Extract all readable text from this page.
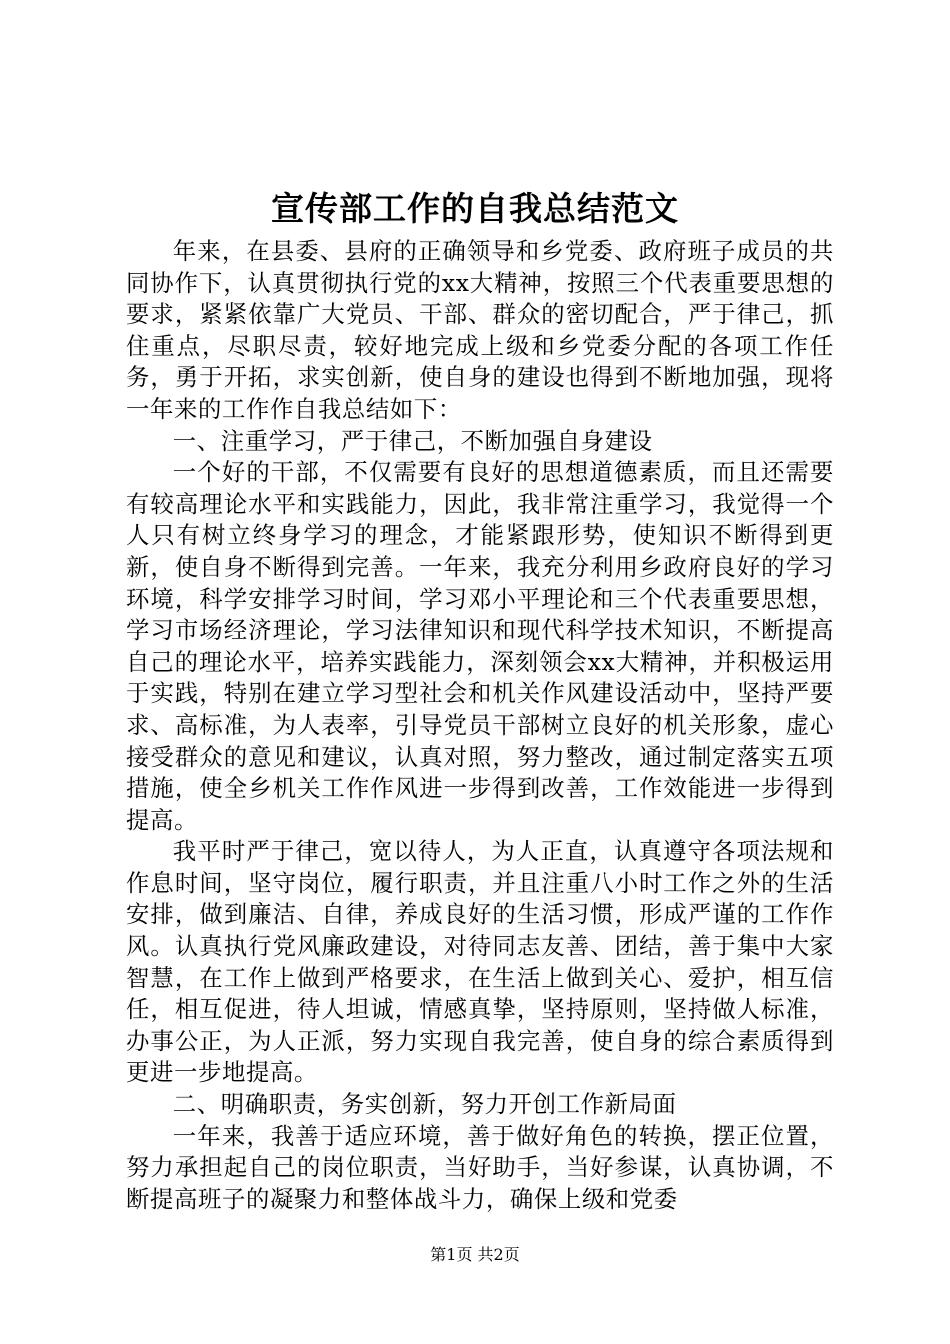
宣传部工作的自我总结范文

年来，在县委、县府的正确领导和乡党委、政府班子成员的共同协作下，认真贯彻执行党的xx大精神，按照三个代表重要思想的要求，紧紧依靠广大党员、干部、群众的密切配合，严于律己，抓住重点，尽职尽责，较好地完成上级和乡党委分配的各项工作任务，勇于开拓，求实创新，使自身的建设也得到不断地加强，现将一年来的工作作自我总结如下：

一、注重学习，严于律己，不断加强自身建设

一个好的干部，不仅需要有良好的思想道德素质，而且还需要有较高理论水平和实践能力，因此，我非常注重学习，我觉得一个人只有树立终身学习的理念，才能紧跟形势，使知识不断得到更新，使自身不断得到完善。一年来，我充分利用乡政府良好的学习环境，科学安排学习时间，学习邓小平理论和三个代表重要思想，学习市场经济理论，学习法律知识和现代科学技术知识，不断提高自己的理论水平，培养实践能力，深刻领会xx大精神，并积极运用于实践，特别在建立学习型社会和机关作风建设活动中，坚持严要求、高标准，为人表率，引导党员干部树立良好的机关形象，虚心接受群众的意见和建议，认真对照，努力整改，通过制定落实五项措施，使全乡机关工作作风进一步得到改善，工作效能进一步得到提高。

我平时严于律己，宽以待人，为人正直，认真遵守各项法规和作息时间，坚守岗位，履行职责，并且注重八小时工作之外的生活安排，做到廉洁、自律，养成良好的生活习惯，形成严谨的工作作风。认真执行党风廉政建设，对待同志友善、团结，善于集中大家智慧，在工作上做到严格要求，在生活上做到关心、爱护，相互信任，相互促进，待人坦诚，情感真挚，坚持原则，坚持做人标准，办事公正，为人正派，努力实现自我完善，使自身的综合素质得到更进一步地提高。

二、明确职责，务实创新，努力开创工作新局面

一年来，我善于适应环境，善于做好角色的转换，摆正位置，努力承担起自己的岗位职责，当好助手，当好参谋，认真协调，不断提高班子的凝聚力和整体战斗力，确保上级和党委

第1页 共2页
